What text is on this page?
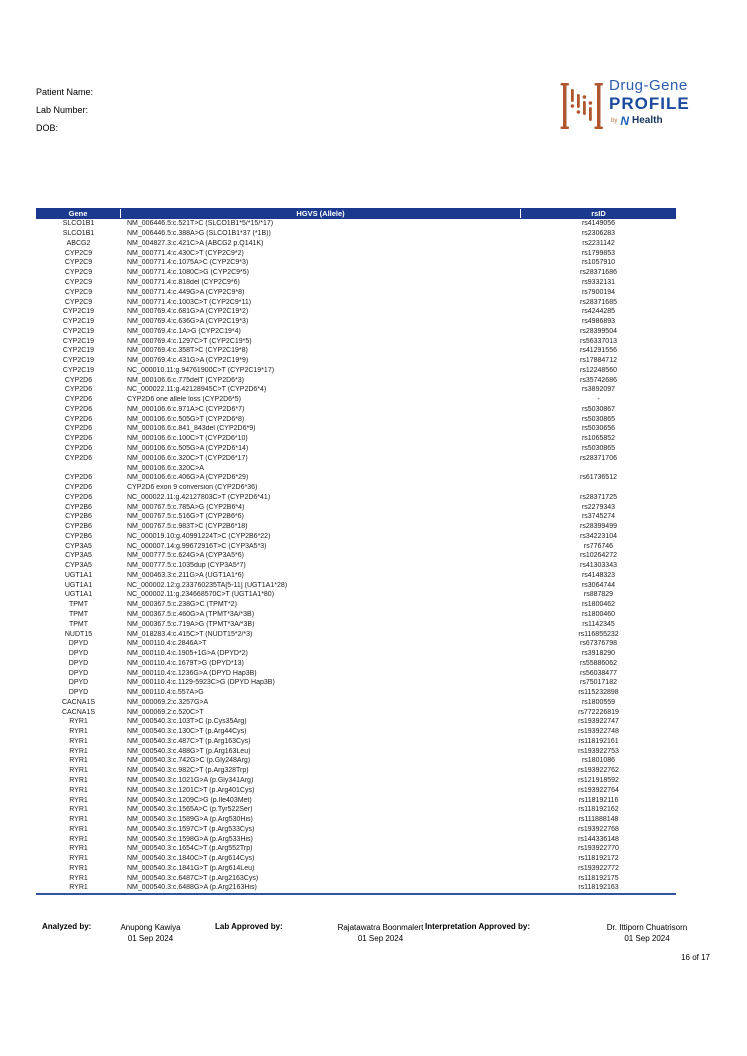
Patient Name:
Lab Number:
DOB:
Drug-Gene
PROFILE
by N Health
Gene	HGVS (Allele)	rsID
SLCO1B1	NM_006446.5:c.521T>C (SLCO1B1*5/*15/*17)	rs4149056
SLCO1B1	NM_006446.5:c.388A>G (SLCO1B1*37 (*1B))	rs2306283
ABCG2	NM_004827.3:c.421C>A (ABCG2 p.Q141K)	rs2231142
CYP2C9	NM_000771.4:c.430C>T (CYP2C9*2)	rs1799853
CYP2C9	NM_000771.4:c.1075A>C (CYP2C9*3)	rs1057910
CYP2C9	NM_000771.4:c.1080C>G (CYP2C9*5)	rs28371686
CYP2C9	NM_000771.4:c.818del (CYP2C9*6)	rs9332131
CYP2C9	NM_000771.4:c.449G>A (CYP2C9*8)	rs7900194
CYP2C9	NM_000771.4:c.1003C>T (CYP2C9*11)	rs28371685
CYP2C19	NM_000769.4:c.681G>A (CYP2C19*2)	rs4244285
CYP2C19	NM_000769.4:c.636G>A (CYP2C19*3)	rs4986893
CYP2C19	NM_000769.4:c.1A>G (CYP2C19*4)	rs28399504
CYP2C19	NM_000769.4:c.1297C>T (CYP2C19*5)	rs56337013
CYP2C19	NM_000769.4:c.358T>C (CYP2C19*8)	rs41291556
CYP2C19	NM_000769.4:c.431G>A (CYP2C19*9)	rs17884712
CYP2C19	NC_000010.11:g.94761900C>T (CYP2C19*17)	rs12248560
CYP2D6	NM_000106.6:c.775delT (CYP2D6*3)	rs35742686
CYP2D6	NC_000022.11:g.42128945C>T (CYP2D6*4)	rs3892097
CYP2D6	CYP2D6 one allele loss (CYP2D6*5)	-
CYP2D6	NM_000106.6:c.971A>C (CYP2D6*7)	rs5030867
CYP2D6	NM_000106.6:c.505G>T (CYP2D6*8)	rs5030865
CYP2D6	NM_000106.6:c.841_843del (CYP2D6*9)	rs5030656
CYP2D6	NM_000106.6:c.100C>T (CYP2D6*10)	rs1065852
CYP2D6	NM_000106.6:c.505G>A (CYP2D6*14)	rs5030865
CYP2D6	NM_000106.6:c.320C>T (CYP2D6*17)	rs28371706
NM_000106.6:c.320C>A
CYP2D6	NM_000106.6:c.406G>A (CYP2D6*29)	rs61736512
CYP2D6	CYP2D6 exon 9 conversion (CYP2D6*36)
CYP2D6	NC_000022.11:g.42127803C>T (CYP2D6*41)	rs28371725
CYP2B6	NM_000767.5:c.785A>G (CYP2B6*4)	rs2279343
CYP2B6	NM_000767.5:c.516G>T (CYP2B6*6)	rs3745274
CYP2B6	NM_000767.5:c.983T>C (CYP2B6*18)	rs28399499
CYP2B6	NC_000019.10:g.40991224T>C (CYP2B6*22)	rs34223104
CYP3A5	NC_000007.14:g.99672916T>C (CYP3A5*3)	rs776746
CYP3A5	NM_000777.5:c.624G>A (CYP3A5*6)	rs10264272
CYP3A5	NM_000777.5:c.1035dup (CYP3A5*7)	rs41303343
UGT1A1	NM_000463.3:c.211G>A (UGT1A1*6)	rs4148323
UGT1A1	NC_000002.12:g.233760235TA[5-11] (UGT1A1*28)	rs3064744
UGT1A1	NC_000002.11:g.234668570C>T (UGT1A1*80)	rs887829
TPMT	NM_000367.5:c.238G>C (TPMT*2)	rs1800462
TPMT	NM_000367.5:c.460G>A (TPMT*3A/*3B)	rs1800460
TPMT	NM_000367.5:c.719A>G (TPMT*3A/*3B)	rs1142345
NUDT15	NM_018283.4:c.415C>T (NUDT15*2/*3)	rs116855232
DPYD	NM_000110.4:c.2846A>T	rs67376798
DPYD	NM_000110.4:c.1905+1G>A (DPYD*2)	rs3918290
DPYD	NM_000110.4:c.1679T>G (DPYD*13)	rs55886062
DPYD	NM_000110.4:c.1236G>A (DPYD Hap3B)	rs56038477
DPYD	NM_000110.4:c.1129-5923C>G (DPYD Hap3B)	rs75017182
DPYD	NM_000110.4:c.557A>G	rs115232898
CACNA1S	NM_000069.2:c.3257G>A	rs1800559
CACNA1S	NM_000069.2:c.520C>T	rs772226819
RYR1	NM_000540.3:c.103T>C (p.Cys35Arg)	rs193922747
RYR1	NM_000540.3:c.130C>T (p.Arg44Cys)	rs193922748
RYR1	NM_000540.3:c.487C>T (p.Arg163Cys)	rs118192161
RYR1	NM_000540.3:c.488G>T (p.Arg163Leu)	rs193922753
RYR1	NM_000540.3:c.742G>C (p.Gly248Arg)	rs1801086
RYR1	NM_000540.3:c.982C>T (p.Arg328Trp)	rs193922762
RYR1	NM_000540.3:c.1021G>A (p.Gly341Arg)	rs121918592
RYR1	NM_000540.3:c.1201C>T (p.Arg401Cys)	rs193922764
RYR1	NM_000540.3:c.1209C>G (p.Ile403Met)	rs118192116
RYR1	NM_000540.3:c.1565A>C (p.Tyr522Ser)	rs118192162
RYR1	NM_000540.3:c.1589G>A (p.Arg530His)	rs111888148
RYR1	NM_000540.3:c.1597C>T (p.Arg533Cys)	rs193922768
RYR1	NM_000540.3:c.1598G>A (p.Arg533His)	rs144336148
RYR1	NM_000540.3:c.1654C>T (p.Arg552Trp)	rs193922770
RYR1	NM_000540.3:c.1840C>T (p.Arg614Cys)	rs118192172
RYR1	NM_000540.3:c.1841G>T (p.Arg614Leu)	rs193922772
RYR1	NM_000540.3:c.6487C>T (p.Arg2163Cys)	rs118192175
RYR1	NM_000540.3:c.6488G>A (p.Arg2163His)	rs118192163
Analyzed by:	Anupong Kawiya
01 Sep 2024
Lab Approved by:	Rajatawatra Boonmalert
01 Sep 2024
Interpretation Approved by:	Dr. Ittiporn Chuatrisorn
01 Sep 2024
16 of 17
